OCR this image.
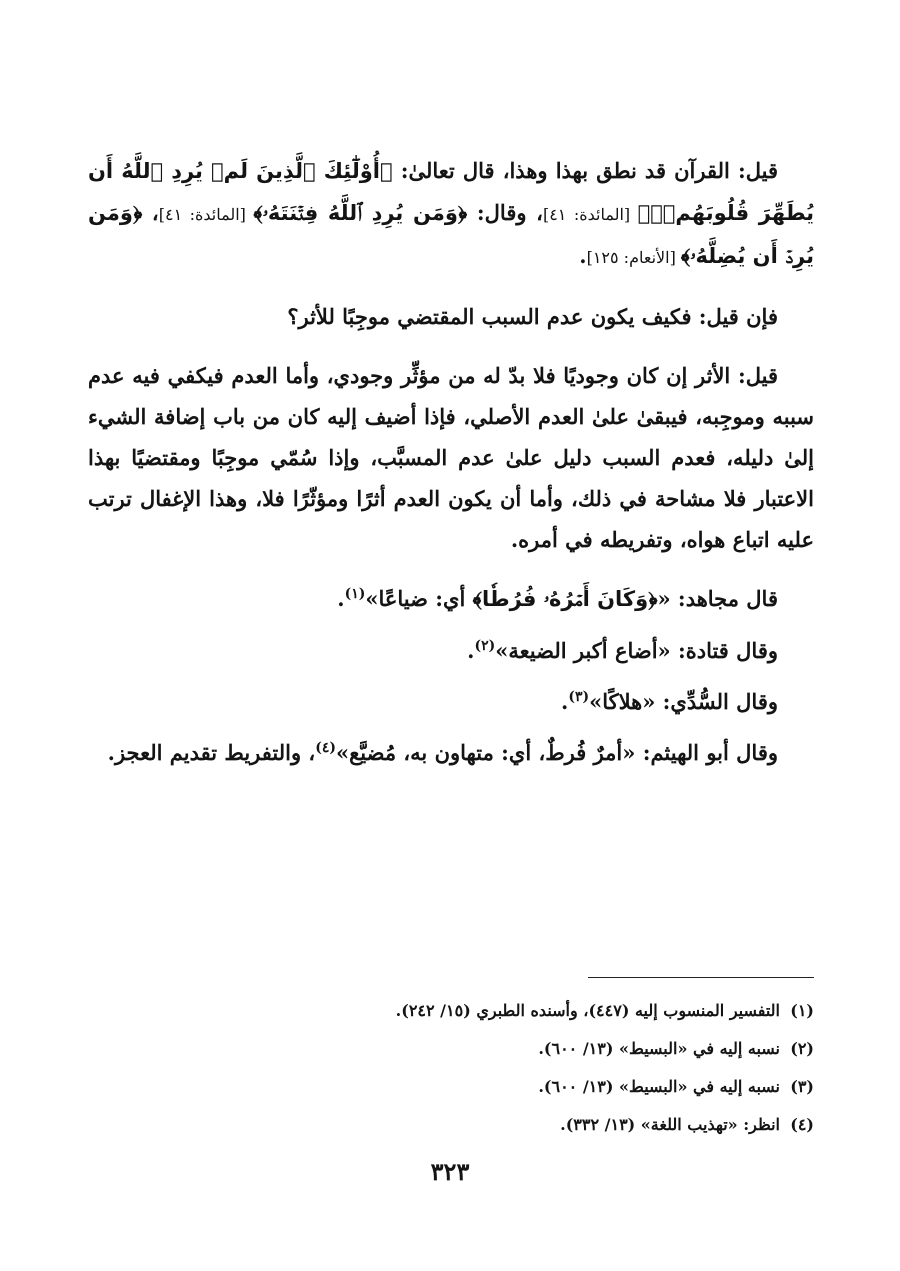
قيل: القرآن قد نطق بهذا وهذا، قال تعالىٰ: ﴿أُوْلَٰٓئِكَ ٱلَّذِينَ لَمۡ يُرِدِ ٱللَّهُ أَن يُطَهِّرَ قُلُوبَهُمۡۚ﴾ [المائدة: ٤١]، وقال: ﴿وَمَن يُرِدِ ٱللَّهُ فِتۡنَتَهُۥ﴾ [المائدة: ٤١]، ﴿وَمَن يُرِدۡ أَن يُضِلَّهُۥ﴾ [الأنعام: ١٢٥].

فإن قيل: فكيف يكون عدم السبب المقتضي موجِبًا للأثر؟

قيل: الأثر إن كان وجوديًا فلا بدّ له من مؤثِّر وجودي، وأما العدم فيكفي فيه عدم سببه وموجِبه، فيبقىٰ علىٰ العدم الأصلي، فإذا أضيف إليه كان من باب إضافة الشيء إلىٰ دليله، فعدم السبب دليل علىٰ عدم المسبَّب، وإذا سُمّي موجِبًا ومقتضيًا بهذا الاعتبار فلا مشاحة في ذلك، وأما أن يكون العدم أثرًا ومؤثّرًا فلا، وهذا الإغفال ترتب عليه اتباع هواه، وتفريطه في أمره.

قال مجاهد: «﴿وَكَانَ أَمۡرُهُۥ فُرُطٗا﴾ أي: ضياعًا»$^{(١)}$.

وقال قتادة: «أضاع أكبر الضيعة»$^{(٢)}$.

وقال السُّدِّي: «هلاكًا»$^{(٣)}$.

وقال أبو الهيثم: «أمرٌ فُرطٌ، أي: متهاون به، مُضيَّع»$^{(٤)}$، والتفريط تقديم العجز.

(١)التفسير المنسوب إليه (٤٤٧)، وأسنده الطبري (١٥/ ٢٤٢).
(٢)نسبه إليه في «البسيط» (١٣/ ٦٠٠).
(٣)نسبه إليه في «البسيط» (١٣/ ٦٠٠).
(٤)انظر: «تهذيب اللغة» (١٣/ ٣٣٢).
٣٢٣
